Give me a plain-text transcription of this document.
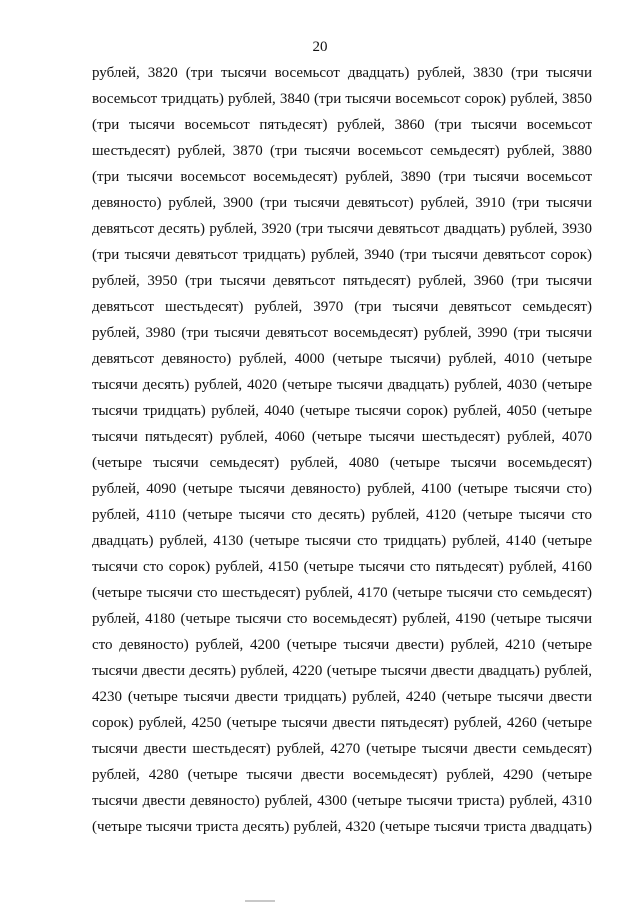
20
рублей, 3820 (три тысячи восемьсот двадцать) рублей, 3830 (три тысячи
восемьсот тридцать) рублей, 3840 (три тысячи восемьсот сорок) рублей, 3850
(три тысячи восемьсот пятьдесят) рублей, 3860 (три тысячи восемьсот
шестьдесят) рублей, 3870 (три тысячи восемьсот семьдесят) рублей, 3880
(три тысячи восемьсот восемьдесят) рублей, 3890 (три тысячи восемьсот
девяносто) рублей, 3900 (три тысячи девятьсот) рублей, 3910 (три тысячи
девятьсот десять) рублей, 3920 (три тысячи девятьсот двадцать) рублей, 3930
(три тысячи девятьсот тридцать) рублей, 3940 (три тысячи девятьсот сорок)
рублей, 3950 (три тысячи девятьсот пятьдесят) рублей, 3960 (три тысячи
девятьсот шестьдесят) рублей, 3970 (три тысячи девятьсот семьдесят)
рублей, 3980 (три тысячи девятьсот восемьдесят) рублей, 3990 (три тысячи
девятьсот девяносто) рублей, 4000 (четыре тысячи) рублей, 4010 (четыре
тысячи десять) рублей, 4020 (четыре тысячи двадцать) рублей, 4030 (четыре
тысячи тридцать) рублей, 4040 (четыре тысячи сорок) рублей, 4050 (четыре
тысячи пятьдесят) рублей, 4060 (четыре тысячи шестьдесят) рублей, 4070
(четыре тысячи семьдесят) рублей, 4080 (четыре тысячи восемьдесят)
рублей, 4090 (четыре тысячи девяносто) рублей, 4100 (четыре тысячи сто)
рублей, 4110 (четыре тысячи сто десять) рублей, 4120 (четыре тысячи сто
двадцать) рублей, 4130 (четыре тысячи сто тридцать) рублей, 4140 (четыре
тысячи сто сорок) рублей, 4150 (четыре тысячи сто пятьдесят) рублей, 4160
(четыре тысячи сто шестьдесят) рублей, 4170 (четыре тысячи сто семьдесят)
рублей, 4180 (четыре тысячи сто восемьдесят) рублей, 4190 (четыре тысячи
сто девяносто) рублей, 4200 (четыре тысячи двести) рублей, 4210 (четыре
тысячи двести десять) рублей, 4220 (четыре тысячи двести двадцать) рублей,
4230 (четыре тысячи двести тридцать) рублей, 4240 (четыре тысячи двести
сорок) рублей, 4250 (четыре тысячи двести пятьдесят) рублей, 4260 (четыре
тысячи двести шестьдесят) рублей, 4270 (четыре тысячи двести семьдесят)
рублей, 4280 (четыре тысячи двести восемьдесят) рублей, 4290 (четыре
тысячи двести девяносто) рублей, 4300 (четыре тысячи триста) рублей, 4310
(четыре тысячи триста десять) рублей, 4320 (четыре тысячи триста двадцать)
